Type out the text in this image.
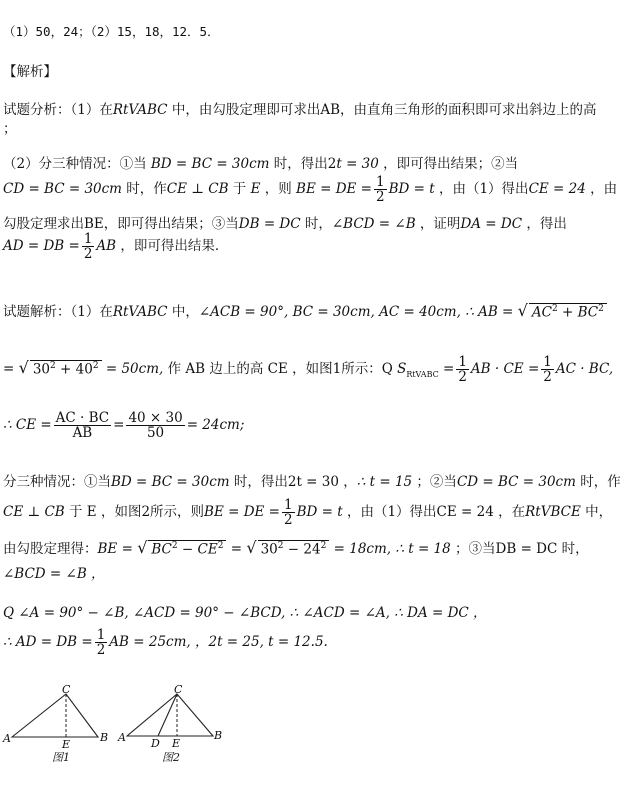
（1）50，24；（2）15，18，12．5．
【解析】
试题分析：（1）在RtVABC 中，由勾股定理即可求出AB，由直角三角形的面积即可求出斜边上的高
；
（2）分三种情况：①当 BD = BC = 30cm 时，得出2t = 30 ，即可得出结果；②当
CD = BC = 30cm 时，作CE ⊥ CB 于 E ，则 BE = DE = $\frac{1}{2}$ BD = t ，由（1）得出CE = 24 ，由
勾股定理求出BE，即可得出结果；③当DB = DC 时，∠BCD = ∠B ，证明DA = DC ，得出
AD = DB = $\frac{1}{2}$ AB ，即可得出结果．
试题解析：（1）在RtVABC 中，∠ACB = 90°, BC = 30cm, AC = 40cm, ∴ AB = √ $AC^2 + BC^2$
= √ $30^2 + 40^2 = 50cm$, 作 AB 边上的高 CE ，如图1所示：Q $S_{RtVABC} = \frac{1}{2}$ AB · CE = $\frac{1}{2}$ AC · BC,
∴ CE = $\frac{AC \cdot BC}{AB} = \frac{40 \times 30}{50} = 24cm$;
分三种情况：①当BD = BC = 30cm 时，得出2t = 30 ，∴ t = 15 ；②当CD = BC = 30cm 时，作
CE ⊥ CB 于 E ，如图2所示，则BE = DE = $\frac{1}{2}$ BD = t ，由（1）得出CE = 24 ，在RtVBCE 中，
由勾股定理得：BE = √ $BC^2 - CE^2$ = √ $30^2 - 24^2 = 18cm$, ∴ t = 18 ；③当DB = DC 时，
∠BCD = ∠B ，
Q ∠A = 90° − ∠B, ∠ACD = 90° − ∠BCD, ∴ ∠ACD = ∠A, ∴ DA = DC ，
∴ AD = DB = $\frac{1}{2}$ AB = 25cm, ，2t = 25, t = 12.5.
C
A	B
E
图1
C
A	B
D E
图2
